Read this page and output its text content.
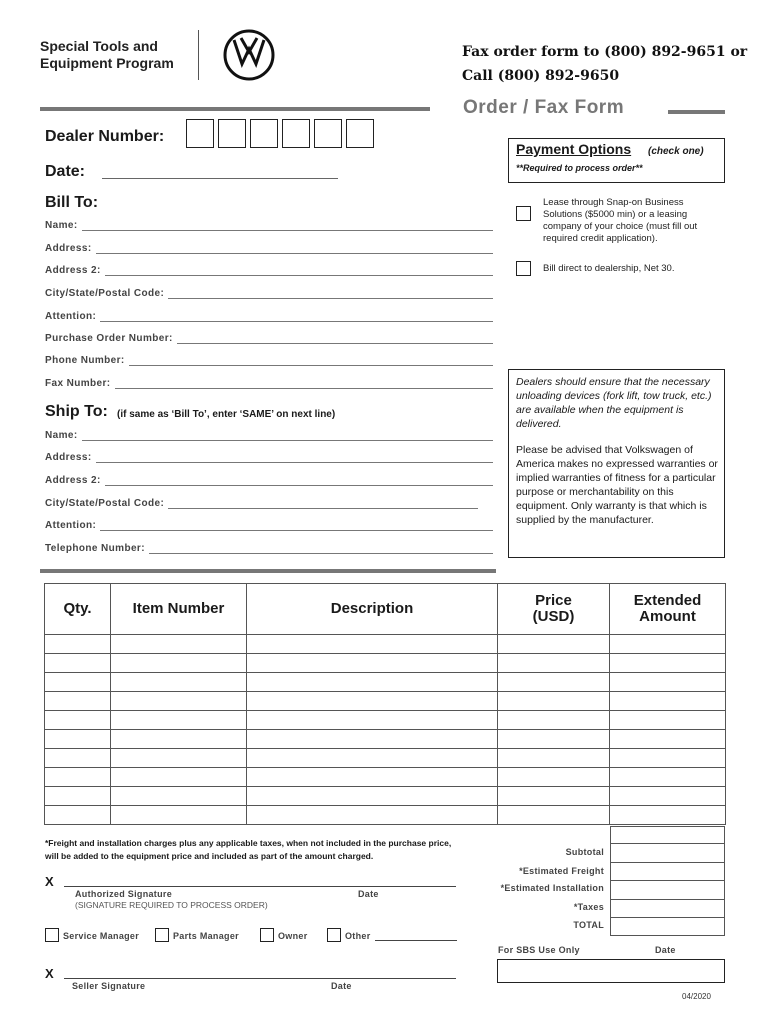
Special Tools and
Equipment Program
Fax order form to (800) 892-9651 or
Call (800) 892-9650
Order / Fax Form
Dealer Number:
Date:
Bill To:
Name:
Address:
Address 2:
City/State/Postal Code:
Attention:
Purchase Order Number:
Phone Number:
Fax Number:
Ship To: (if same as ‘Bill To’, enter ‘SAME’ on next line)
Name:
Address:
Address 2:
City/State/Postal Code:
Attention:
Telephone Number:
Payment Options (check one)
**Required to process order**
Lease through Snap-on Business Solutions ($5000 min) or a leasing company of your choice (must fill out required credit application).
Bill direct to dealership, Net 30.
Dealers should ensure that the necessary unloading devices (fork lift, tow truck, etc.) are available when the equipment is delivered.
Please be advised that Volkswagen of America makes no expressed warranties or implied warranties of fitness for a particular purpose or merchantability on this equipment. Only warranty is that which is supplied by the manufacturer.
Qty.	Item Number	Description	Price (USD)	Extended Amount

*Freight and installation charges plus any applicable taxes, when not included in the purchase price, will be added to the equipment price and included as part of the amount charged.	Subtotal
*Estimated Freight
*Estimated Installation
*Taxes
TOTAL
X
Authorized Signature	Date
(SIGNATURE REQUIRED TO PROCESS ORDER)
Service Manager	Parts Manager	Owner	Other
X
Seller Signature	Date
For SBS Use Only	Date
04/2020
